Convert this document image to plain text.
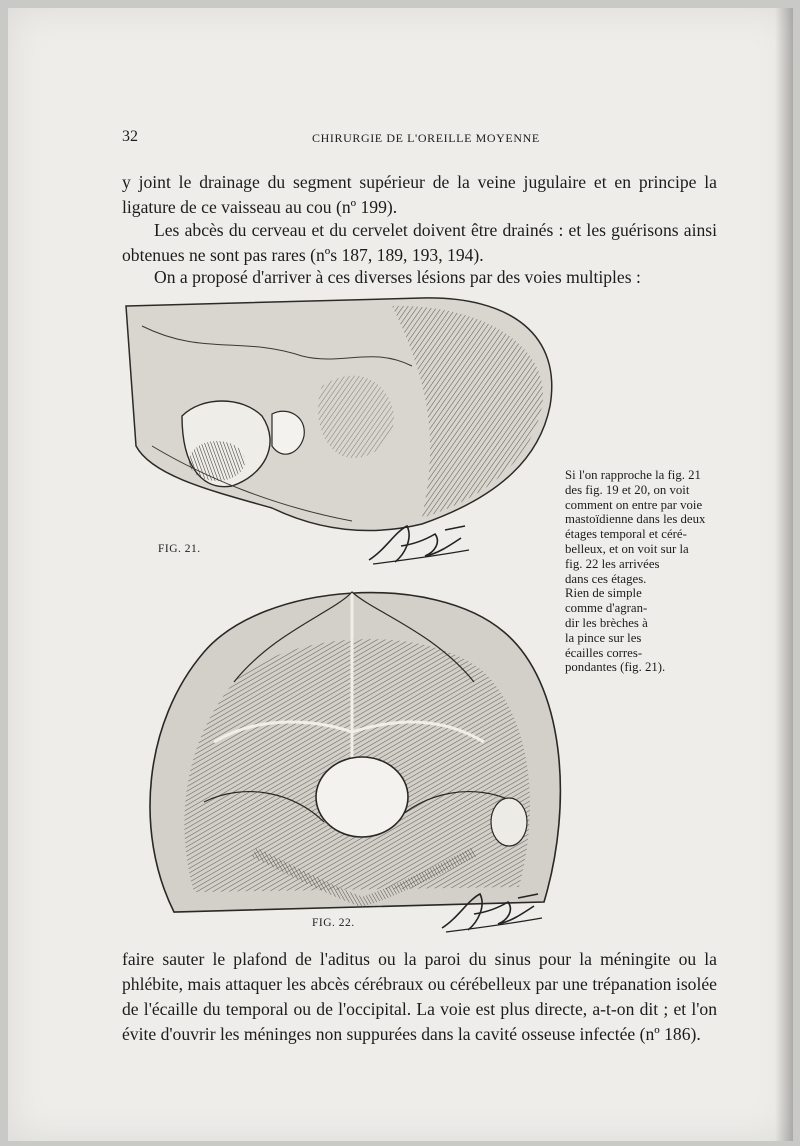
32	CHIRURGIE DE L'OREILLE MOYENNE

y joint le drainage du segment supérieur de la veine jugulaire et en principe la ligature de ce vaisseau au cou (nº 199).

Les abcès du cerveau et du cervelet doivent être drainés : et les guérisons ainsi obtenues ne sont pas rares (nºs 187, 189, 193, 194).

On a proposé d'arriver à ces diverses lésions par des voies multiples :

FIG. 21.
Si l'on rapproche la fig. 21
des fig. 19 et 20, on voit
comment on entre par voie
mastoïdienne dans les deux
étages temporal et céré-
belleux, et on voit sur la
fig. 22 les arrivées
dans ces étages.
Rien de simple
comme d'agran-
dir les brèches à
la pince sur les
écailles corres-
pondantes (fig. 21).
FIG. 22.

faire sauter le plafond de l'aditus ou la paroi du sinus pour la méningite ou la phlébite, mais attaquer les abcès cérébraux ou cérébelleux par une trépanation isolée de l'écaille du temporal ou de l'occipital. La voie est plus directe, a-t-on dit ; et l'on évite d'ouvrir les méninges non suppurées dans la cavité osseuse infectée (nº 186).
